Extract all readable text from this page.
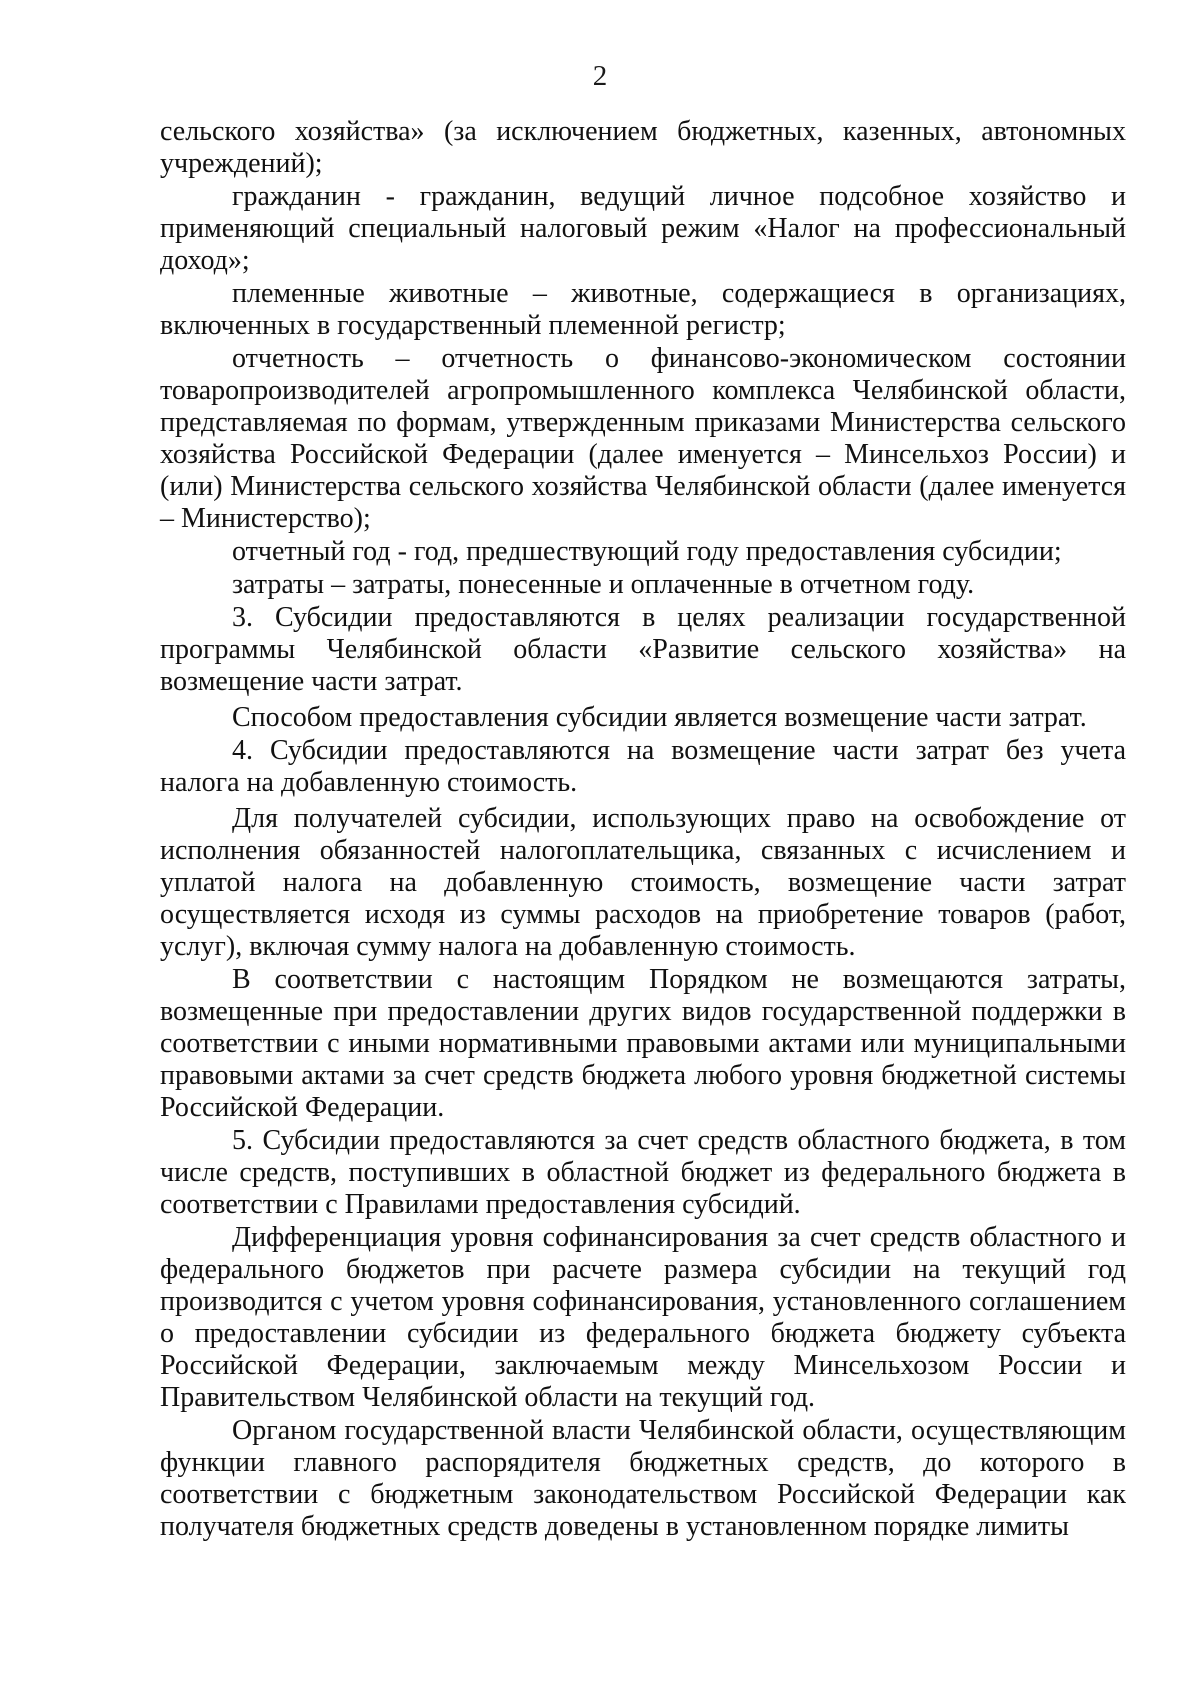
2

сельского хозяйства» (за исключением бюджетных, казенных, автономных учреждений);

гражданин - гражданин, ведущий личное подсобное хозяйство и применяющий специальный налоговый режим «Налог на профессиональный доход»;

племенные животные – животные, содержащиеся в организациях, включенных в государственный племенной регистр;

отчетность – отчетность о финансово-экономическом состоянии товаропроизводителей агропромышленного комплекса Челябинской области, представляемая по формам, утвержденным приказами Министерства сельского хозяйства Российской Федерации (далее именуется – Минсельхоз России) и (или) Министерства сельского хозяйства Челябинской области (далее именуется – Министерство);

отчетный год - год, предшествующий году предоставления субсидии;

затраты – затраты, понесенные и оплаченные в отчетном году.

3. Субсидии предоставляются в целях реализации государственной программы Челябинской области «Развитие сельского хозяйства» на возмещение части затрат.

Способом предоставления субсидии является возмещение части затрат.

4. Субсидии предоставляются на возмещение части затрат без учета налога на добавленную стоимость.

Для получателей субсидии, использующих право на освобождение от исполнения обязанностей налогоплательщика, связанных с исчислением и уплатой налога на добавленную стоимость, возмещение части затрат осуществляется исходя из суммы расходов на приобретение товаров (работ, услуг), включая сумму налога на добавленную стоимость.

В соответствии с настоящим Порядком не возмещаются затраты, возмещенные при предоставлении других видов государственной поддержки в соответствии с иными нормативными правовыми актами или муниципальными правовыми актами за счет средств бюджета любого уровня бюджетной системы Российской Федерации.

5. Субсидии предоставляются за счет средств областного бюджета, в том числе средств, поступивших в областной бюджет из федерального бюджета в соответствии с Правилами предоставления субсидий.

Дифференциация уровня софинансирования за счет средств областного и федерального бюджетов при расчете размера субсидии на текущий год производится с учетом уровня софинансирования, установленного соглашением о предоставлении субсидии из федерального бюджета бюджету субъекта Российской Федерации, заключаемым между Минсельхозом России и Правительством Челябинской области на текущий год.

Органом государственной власти Челябинской области, осуществляющим функции главного распорядителя бюджетных средств, до которого в соответствии с бюджетным законодательством Российской Федерации как получателя бюджетных средств доведены в установленном порядке лимиты
